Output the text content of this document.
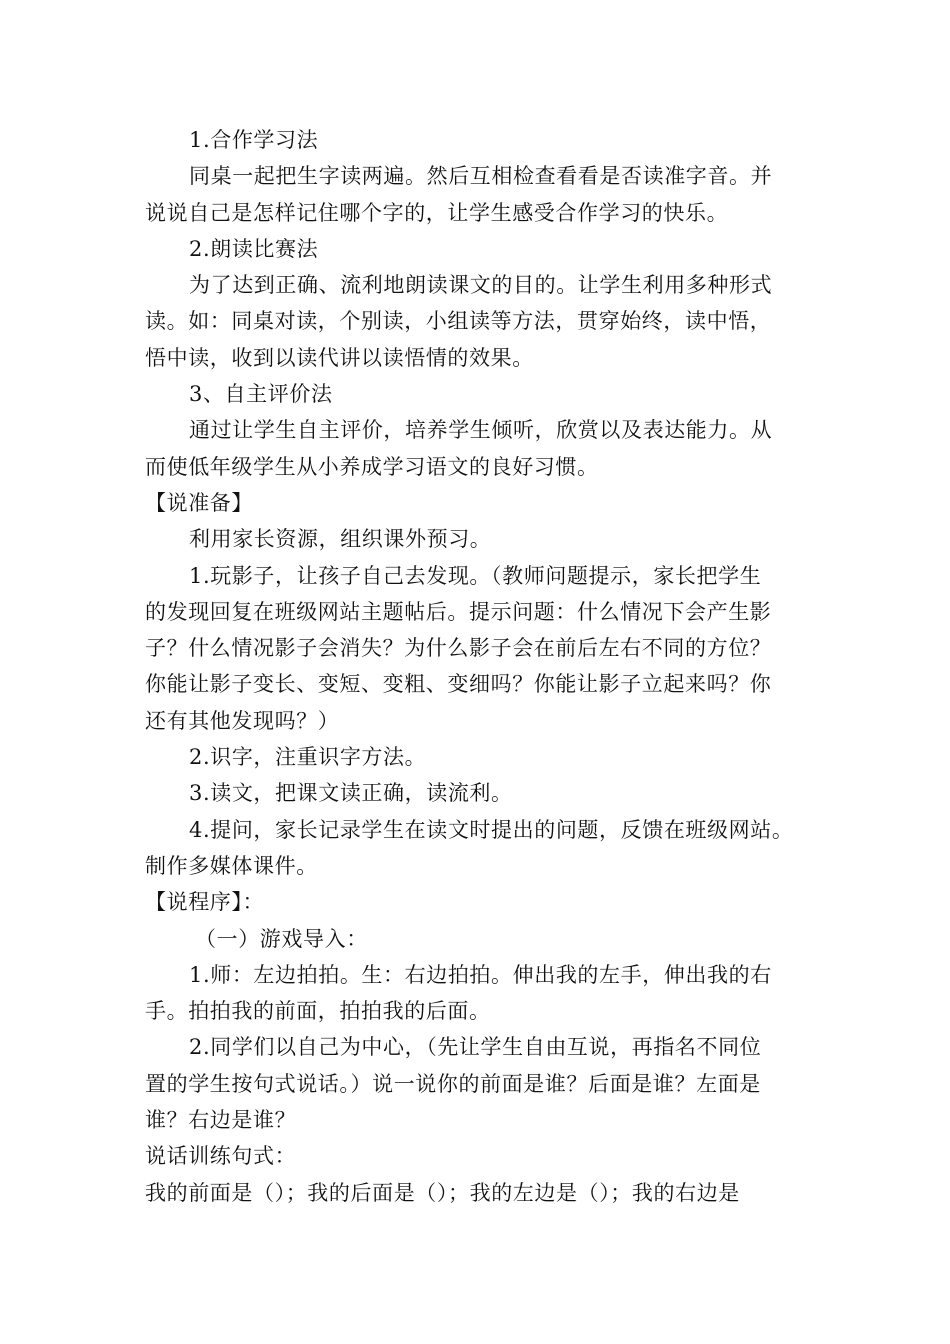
1.合作学习法
同桌一起把生字读两遍。然后互相检查看看是否读准字音。并
说说自己是怎样记住哪个字的，让学生感受合作学习的快乐。
2.朗读比赛法
为了达到正确、流利地朗读课文的目的。让学生利用多种形式
读。如：同桌对读，个别读，小组读等方法，贯穿始终，读中悟，
悟中读，收到以读代讲以读悟情的效果。
3、自主评价法
通过让学生自主评价，培养学生倾听，欣赏以及表达能力。从
而使低年级学生从小养成学习语文的良好习惯。
【说准备】
利用家长资源，组织课外预习。
1.玩影子，让孩子自己去发现。（教师问题提示，家长把学生
的发现回复在班级网站主题帖后。提示问题：什么情况下会产生影
子？什么情况影子会消失？为什么影子会在前后左右不同的方位？
你能让影子变长、变短、变粗、变细吗？你能让影子立起来吗？你
还有其他发现吗？）
2.识字，注重识字方法。
3.读文，把课文读正确，读流利。
4.提问，家长记录学生在读文时提出的问题，反馈在班级网站。
制作多媒体课件。
【说程序】：
（一）游戏导入：
1.师：左边拍拍。生：右边拍拍。伸出我的左手，伸出我的右
手。拍拍我的前面，拍拍我的后面。
2.同学们以自己为中心，（先让学生自由互说，再指名不同位
置的学生按句式说话。）说一说你的前面是谁？后面是谁？左面是
谁？右边是谁？
说话训练句式：
我的前面是（）；我的后面是（）；我的左边是（）；我的右边是
